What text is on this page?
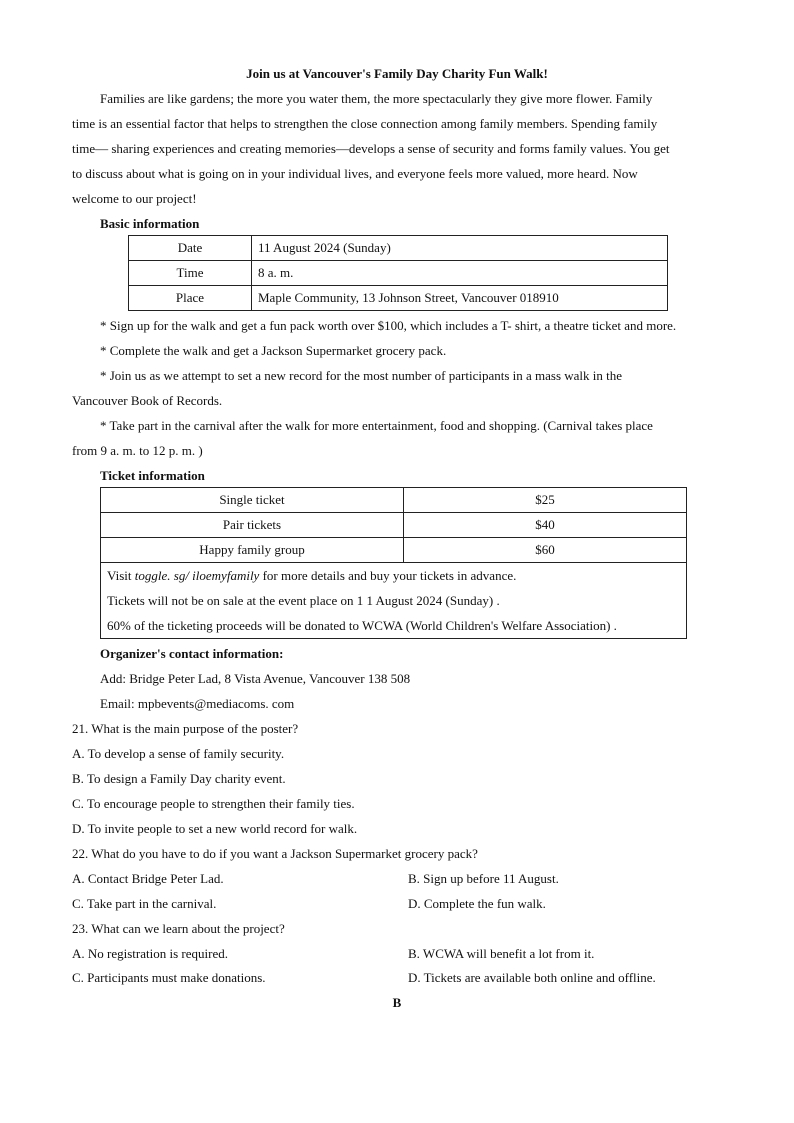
Join us at Vancouver's Family Day Charity Fun Walk!
Families are like gardens; the more you water them, the more spectacularly they give more flower. Family
time is an essential factor that helps to strengthen the close connection among family members. Spending family
time— sharing experiences and creating memories—develops a sense of security and forms family values. You get
to discuss about what is going on in your individual lives, and everyone feels more valued, more heard. Now
welcome to our project!
Basic information
Date	11 August 2024 (Sunday)
Time	8 a. m.
Place	Maple Community, 13 Johnson Street, Vancouver 018910
* Sign up for the walk and get a fun pack worth over $100, which includes a T- shirt, a theatre ticket and more.
* Complete the walk and get a Jackson Supermarket grocery pack.
* Join us as we attempt to set a new record for the most number of participants in a mass walk in the
Vancouver Book of Records.
* Take part in the carnival after the walk for more entertainment, food and shopping. (Carnival takes place
from 9 a. m. to 12 p. m. )
Ticket information
Single ticket	$25
Pair tickets	$40
Happy family group	$60

Visit toggle. sg/ iloemyfamily for more details and buy your tickets in advance.
Tickets will not be on sale at the event place on 1 1 August 2024 (Sunday) .
60% of the ticketing proceeds will be donated to WCWA (World Children's Welfare Association) .	
Organizer's contact information:
Add: Bridge Peter Lad, 8 Vista Avenue, Vancouver 138 508
Email: mpbevents@mediacoms. com
21. What is the main purpose of the poster?
A. To develop a sense of family security.
B. To design a Family Day charity event.
C. To encourage people to strengthen their family ties.
D. To invite people to set a new world record for walk.
22. What do you have to do if you want a Jackson Supermarket grocery pack?
A. Contact Bridge Peter Lad.	B. Sign up before 11 August.
C. Take part in the carnival.	D. Complete the fun walk.
23. What can we learn about the project?
A. No registration is required.	B. WCWA will benefit a lot from it.
C. Participants must make donations.	D. Tickets are available both online and offline.
B
